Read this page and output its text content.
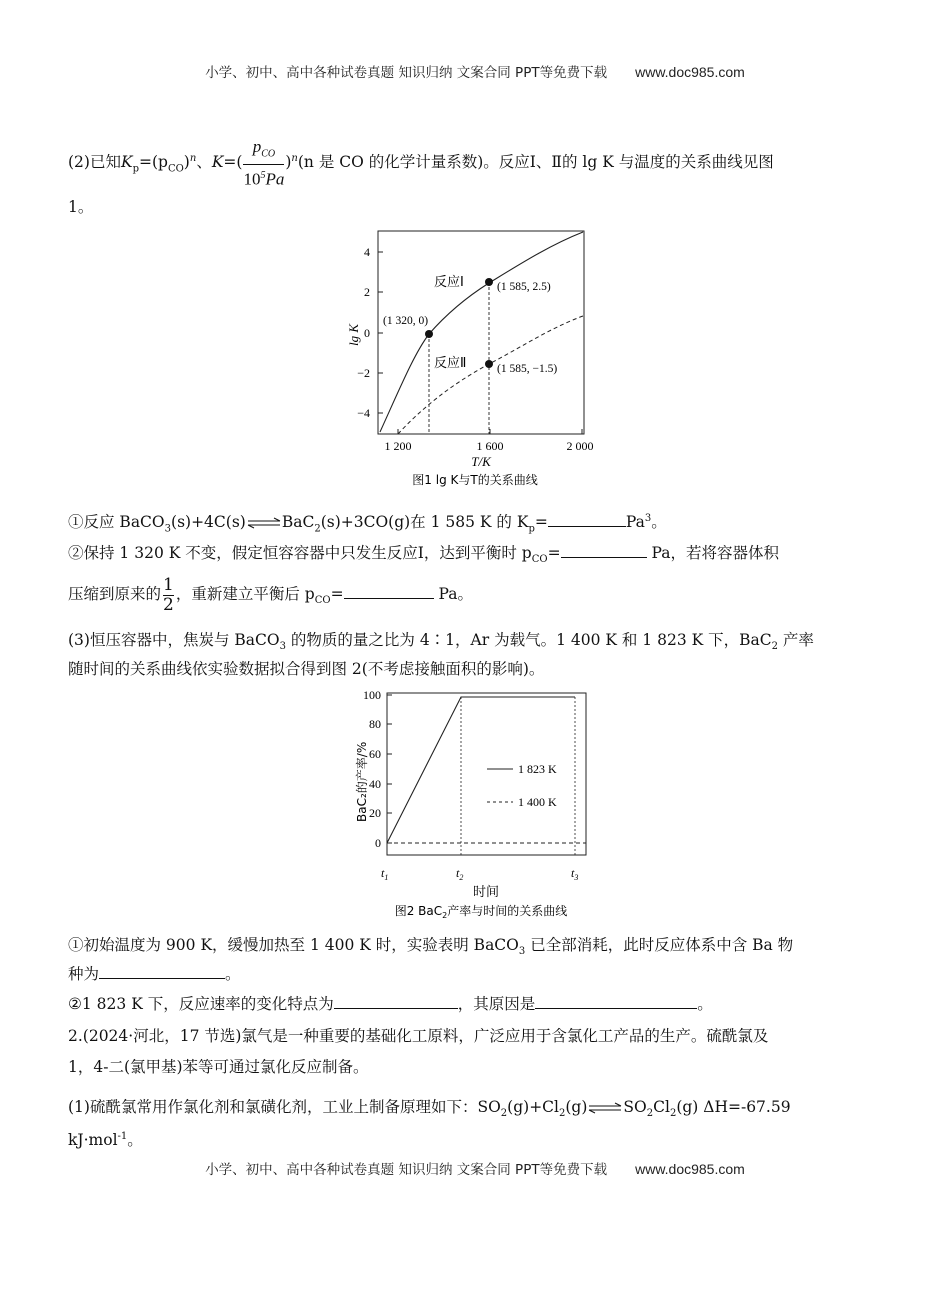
小学、初中、高中各种试卷真题 知识归纳 文案合同 PPT等免费下载 www.doc985.com
(2)已知$K_p=(p_{CO})^n$、$K=( \frac{p_{CO}}{10^5Pa} )^n(n$ 是 CO 的化学计量系数)。反应Ⅰ、Ⅱ的 lg K 与温度的关系曲线见图
1。
4
2
0
−2
−4
1 200	1 600	2 000
反应Ⅰ
反应Ⅱ
(1 320, 0)
(1 585, 2.5)
(1 585, −1.5)
lg K
T/K
图1 lg K与T的关系曲线
①反应 BaCO$_3$(s)+4C(s)⇌BaC$_2$(s)+3CO(g)在 1 585 K 的 $K_p=$	$Pa^3$。
②保持 1 320 K 不变，假定恒容容器中只发生反应Ⅰ，达到平衡时 $p_{CO}=$	Pa，若将容器体积
压缩到原来的 $\frac{1}{2}$ ，重新建立平衡后 $p_{CO}=$	Pa。
(3)恒压容器中，焦炭与 BaCO$_3$ 的物质的量之比为 4∶1，Ar 为载气。1 400 K 和 1 823 K 下，BaC$_2$ 产率
随时间的关系曲线依实验数据拟合得到图 2(不考虑接触面积的影响)。
100
80
60
40
20
0
1 823 K
1 400 K
$t_1$	$t_2$	$t_3$
BaC₂的产率/%
时间
图2 BaC$_2$产率与时间的关系曲线
①初始温度为 900 K，缓慢加热至 1 400 K 时，实验表明 BaCO$_3$ 已全部消耗，此时反应体系中含 Ba 物
种为	。
②1 823 K 下，反应速率的变化特点为	，其原因是	。
2.(2024·河北，17 节选)氯气是一种重要的基础化工原料，广泛应用于含氯化工产品的生产。硫酰氯及
1，4-二(氯甲基)苯等可通过氯化反应制备。
(1)硫酰氯常用作氯化剂和氯磺化剂，工业上制备原理如下：$SO_2(g)+Cl_2(g)\rightleftharpoons SO_2Cl_2(g)$ ΔH=-67.59
kJ·mol$^{-1}$。
小学、初中、高中各种试卷真题 知识归纳 文案合同 PPT等免费下载 www.doc985.com
